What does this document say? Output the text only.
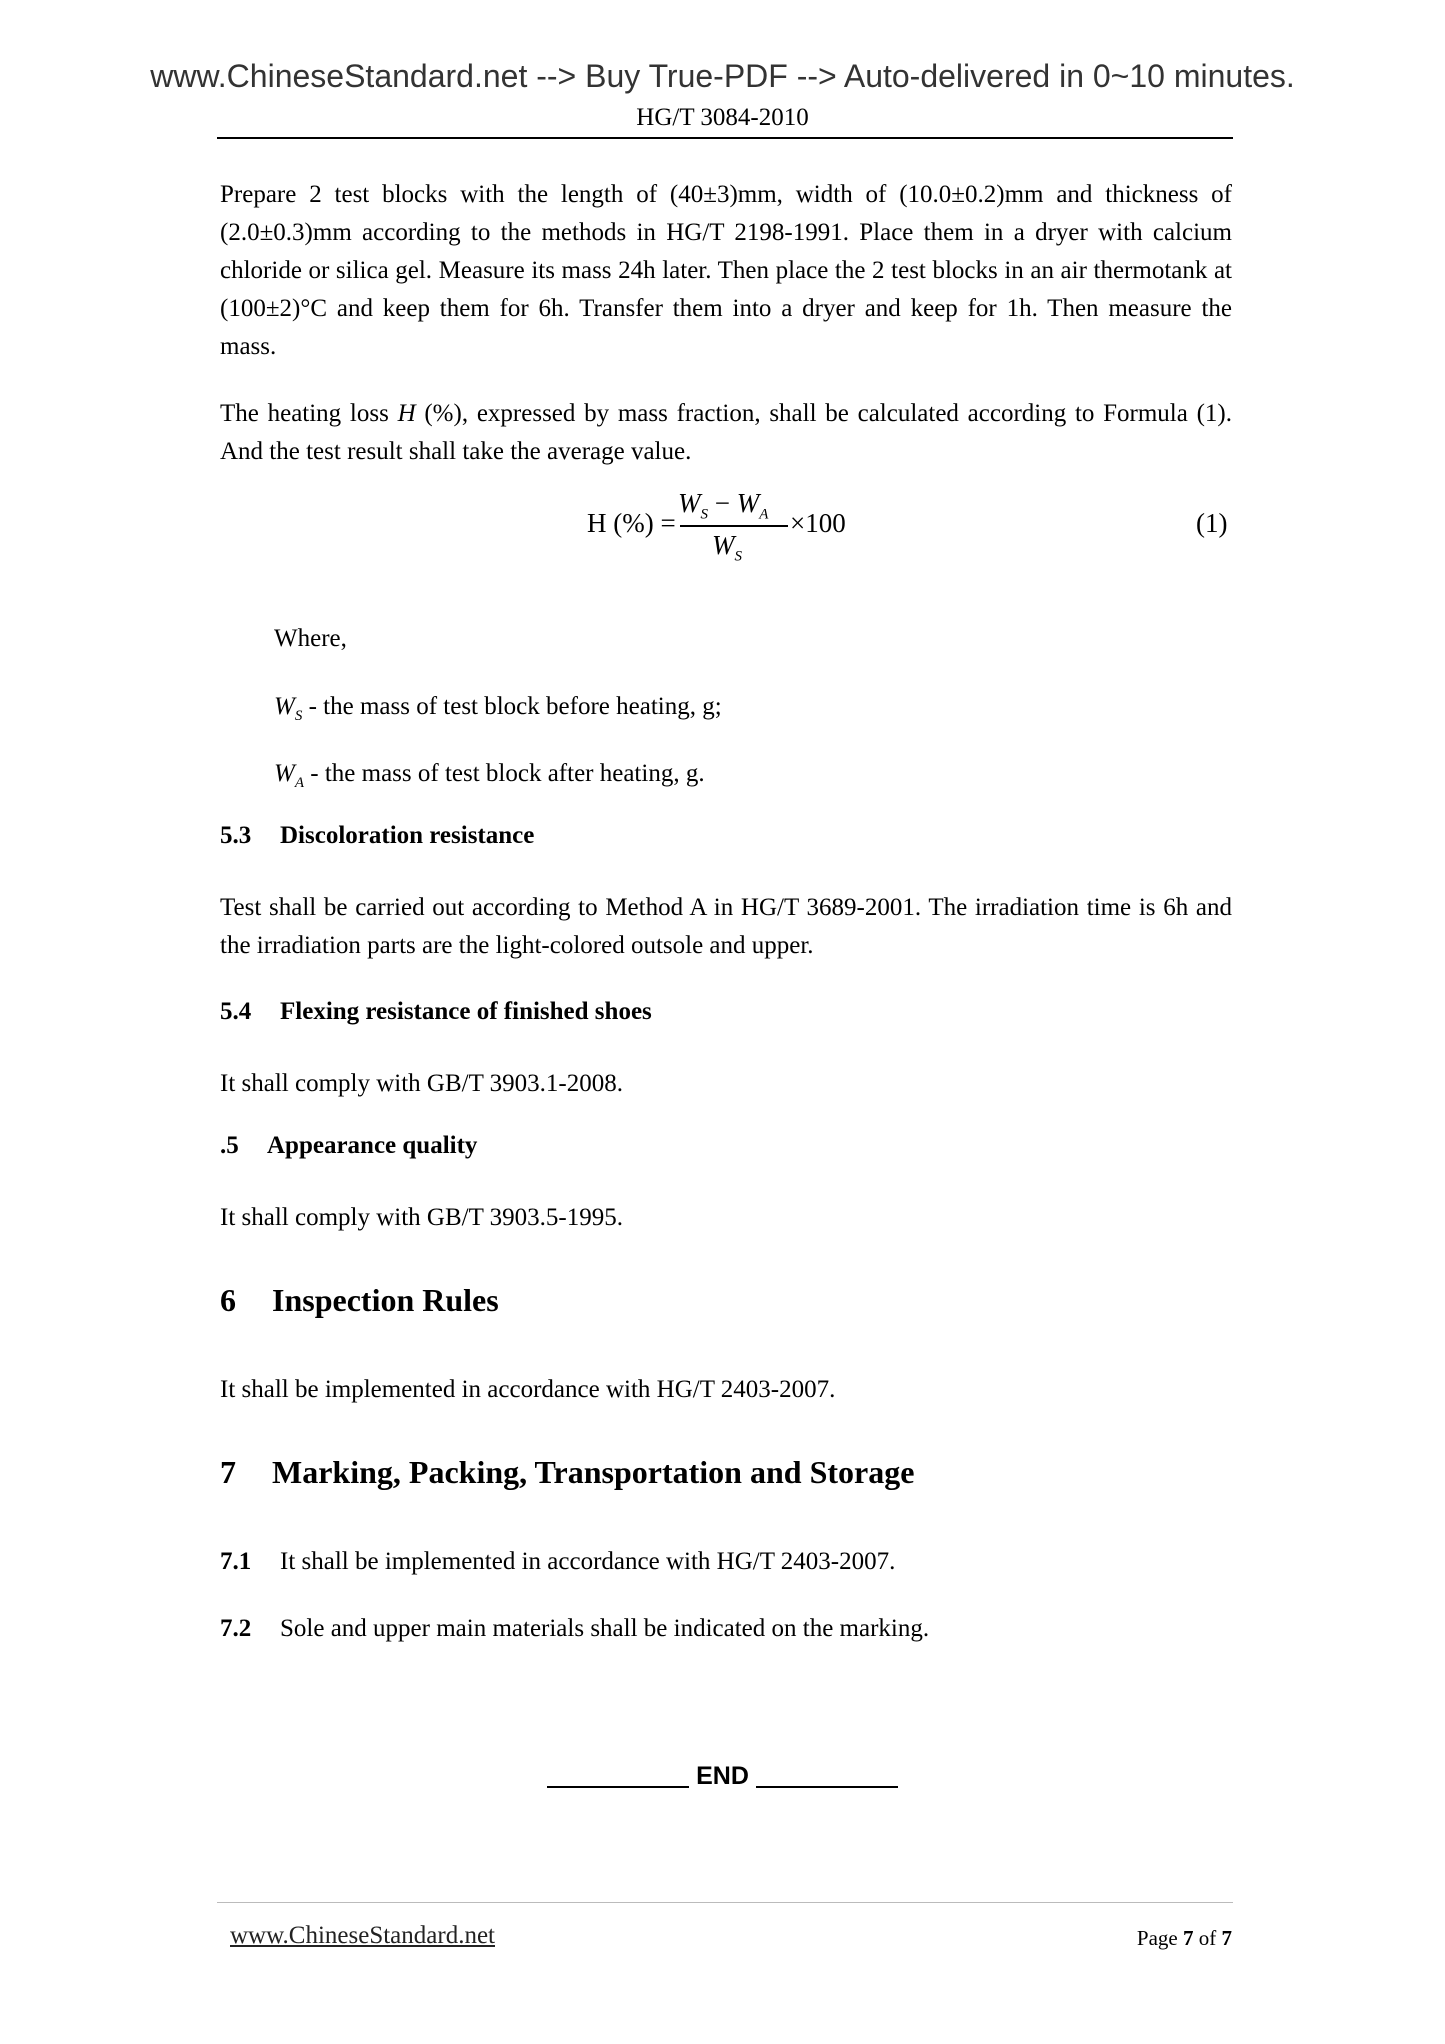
www.ChineseStandard.net --> Buy True-PDF --> Auto-delivered in 0~10 minutes.
HG/T 3084-2010

Prepare 2 test blocks with the length of (40±3)mm, width of (10.0±0.2)mm and thickness of (2.0±0.3)mm according to the methods in HG/T 2198-1991. Place them in a dryer with calcium chloride or silica gel. Measure its mass 24h later. Then place the 2 test blocks in an air thermotank at (100±2)°C and keep them for 6h. Transfer them into a dryer and keep for 1h. Then measure the mass.

The heating loss H (%), expressed by mass fraction, shall be calculated according to Formula (1). And the test result shall take the average value.

H (%) =
$W_S - W_A$
$W_S$
×100	(1)

Where,

$W_S$ - the mass of test block before heating, g;

$W_A$ - the mass of test block after heating, g.

5.3 Discoloration resistance

Test shall be carried out according to Method A in HG/T 3689-2001. The irradiation time is 6h and the irradiation parts are the light-colored outsole and upper.

5.4 Flexing resistance of finished shoes

It shall comply with GB/T 3903.1-2008.

.5 Appearance quality

It shall comply with GB/T 3903.5-1995.

6 Inspection Rules

It shall be implemented in accordance with HG/T 2403-2007.

7 Marking, Packing, Transportation and Storage

7.1 It shall be implemented in accordance with HG/T 2403-2007.

7.2 Sole and upper main materials shall be indicated on the marking.

END
www.ChineseStandard.net	Page 7 of 7
